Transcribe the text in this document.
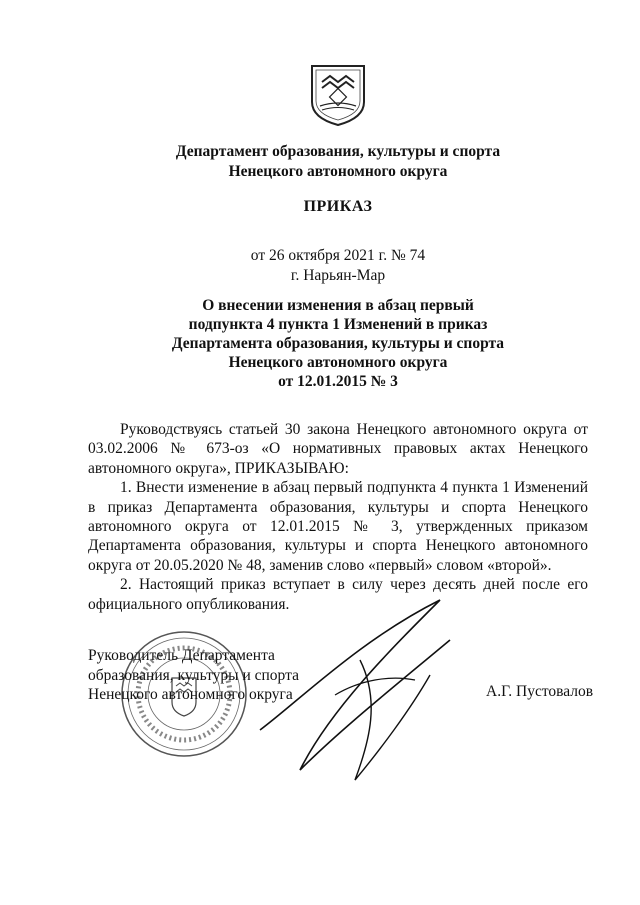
Департамент образования, культуры и спорта
Ненецкого автономного округа
ПРИКАЗ
от 26 октября 2021 г. № 74
г. Нарьян-Мар
О внесении изменения в абзац первый
подпункта 4 пункта 1 Изменений в приказ
Департамента образования, культуры и спорта
Ненецкого автономного округа
от 12.01.2015 № 3

Руководствуясь статьей 30 закона Ненецкого автономного округа от 03.02.2006 № 673-оз «О нормативных правовых актах Ненецкого автономного округа», ПРИКАЗЫВАЮ:

1. Внести изменение в абзац первый подпункта 4 пункта 1 Изменений в приказ Департамента образования, культуры и спорта Ненецкого автономного округа от 12.01.2015 № 3, утвержденных приказом Департамента образования, культуры и спорта Ненецкого автономного округа от 20.05.2020 № 48, заменив слово «первый» словом «второй».

2. Настоящий приказ вступает в силу через десять дней после его официального опубликования.

Руководитель Департамента
образования, культуры и спорта
Ненецкого автономного округа	А.Г. Пустовалов
